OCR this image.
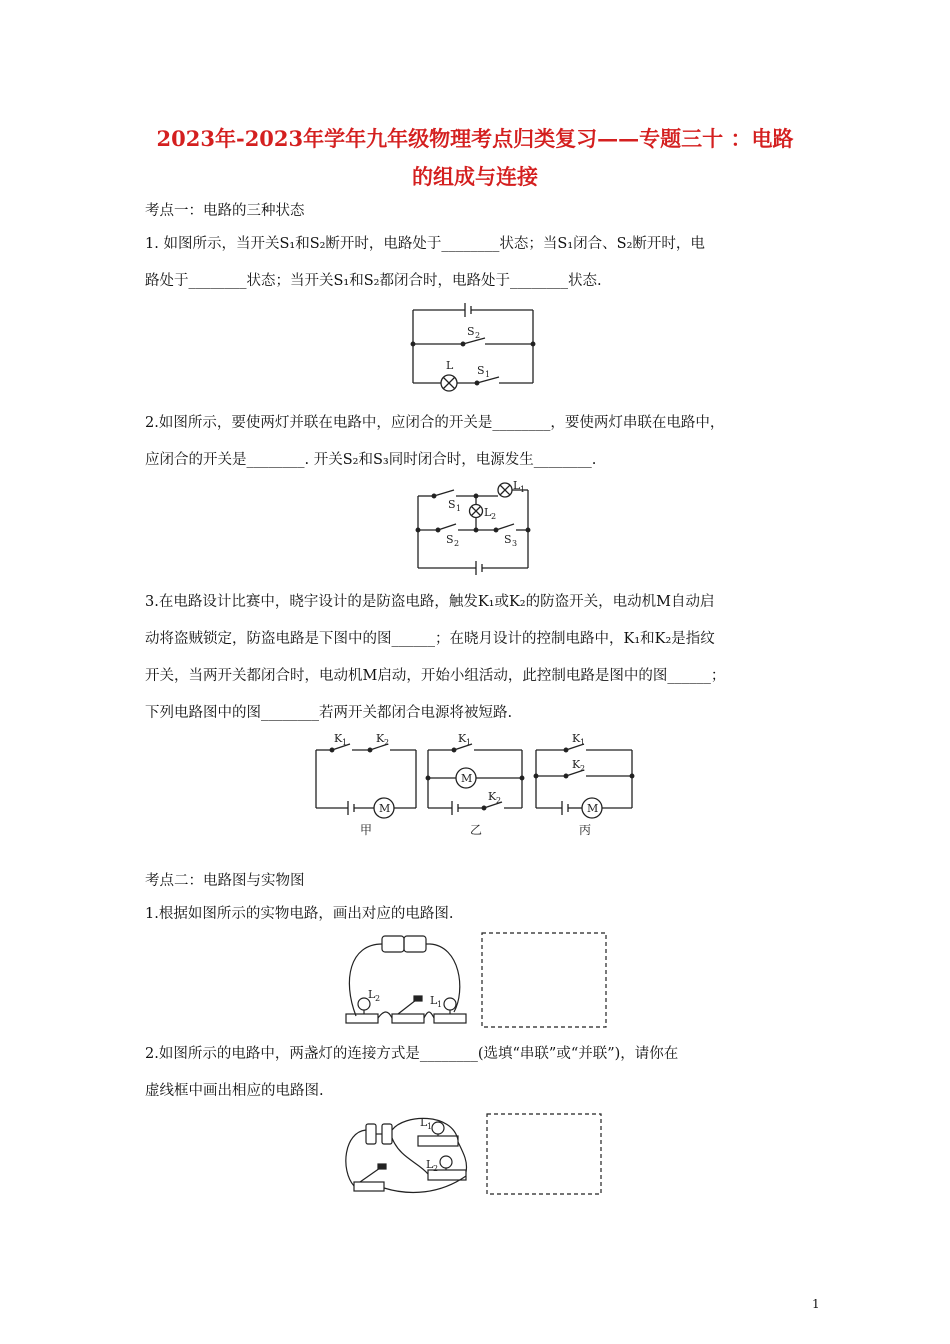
2023年-2023年学年九年级物理考点归类复习——专题三十 ：电路
的组成与连接
考点一：电路的三种状态
1. 如图所示，当开关S₁和S₂断开时，电路处于________状态；当S₁闭合、S₂断开时，电
路处于________状态；当开关S₁和S₂都闭合时，电路处于________状态.
S 2
L S 1
2.如图所示，要使两灯并联在电路中，应闭合的开关是________，要使两灯串联在电路中，
应闭合的开关是________. 开关S₂和S₃同时闭合时，电源发生________.
S 1
L 1
L 2
S 2	S 3
3.在电路设计比赛中，晓宇设计的是防盗电路，触发K₁或K₂的防盗开关，电动机M自动启
动将盗贼锁定，防盗电路是下图中的图______；在晓月设计的控制电路中，K₁和K₂是指纹
开关，当两开关都闭合时，电动机M启动，开始小组活动，此控制电路是图中的图______；
下列电路图中的图________若两开关都闭合电源将被短路.
K 1	K 2
M
甲
K 1
M
K 2
乙
K 1
K 2
M
丙
考点二：电路图与实物图
1.根据如图所示的实物电路，画出对应的电路图.
L 2	L 1
2.如图所示的电路中，两盏灯的连接方式是________(选填“串联”或“并联”)，请你在
虚线框中画出相应的电路图.
L 1
L 2
1
